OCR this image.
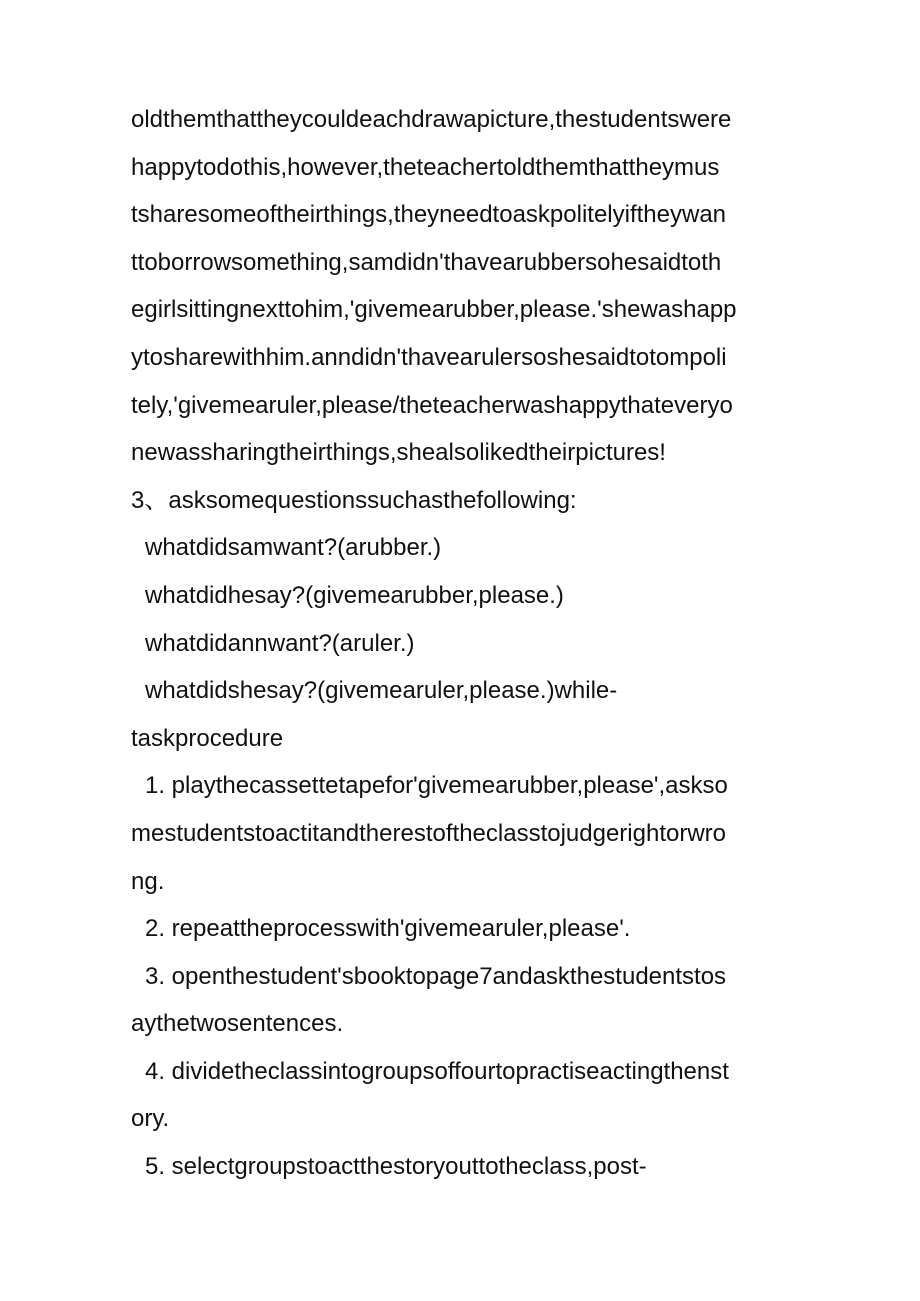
oldthemthattheycouldeachdrawapicture,thestudentswere
happytodothis,however,theteachertoldthemthattheymus
tsharesomeoftheirthings,theyneedtoaskpolitelyiftheywan
ttoborrowsomething,samdidn'thavearubbersohesaidtoth
egirlsittingnexttohim,'givemearubber,please.'shewashapp
ytosharewithhim.anndidn'thavearulersoshesaidtotompoli
tely,'givemearuler,please/theteacherwashappythateveryo
newassharingtheirthings,shealsolikedtheirpictures!
3、asksomequestionssuchasthefollowing:
whatdidsamwant?(arubber.)
whatdidhesay?(givemearubber,please.)
whatdidannwant?(aruler.)
whatdidshesay?(givemearuler,please.)while-
taskprocedure
1. playthecassettetapefor'givemearubber,please',askso
mestudentstoactitandtherestoftheclasstojudgerightorwro
ng.
2. repeattheprocesswith'givemearuler,please'.
3. openthestudent'sbooktopage7andaskthestudentstos
aythetwosentences.
4. dividetheclassintogroupsoffourtopractiseactingthenst
ory.
5. selectgroupstoactthestoryouttotheclass,post-
